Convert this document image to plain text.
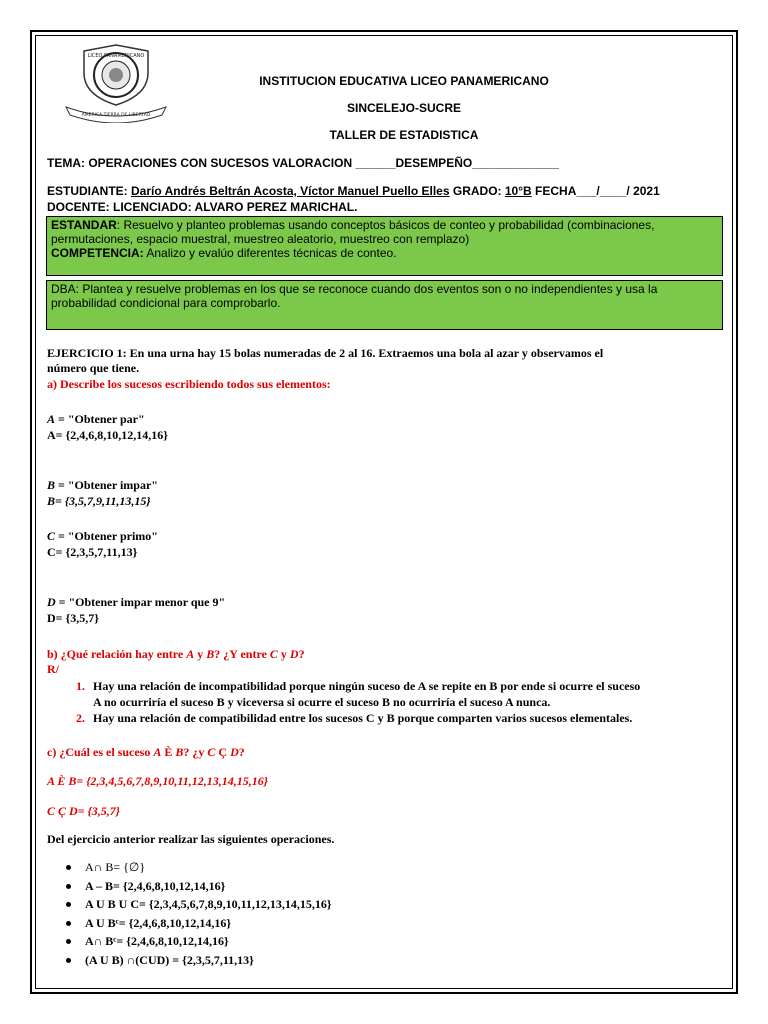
LICEO PANAMERICANO
AMERICA TIERRA DE LIBERTAD
INSTITUCION EDUCATIVA LICEO PANAMERICANO
SINCELEJO-SUCRE
TALLER DE ESTADISTICA
TEMA: OPERACIONES CON SUCESOS VALORACION ______DESEMPEÑO_____________
ESTUDIANTE: Darío Andrés Beltrán Acosta, Víctor Manuel Puello Elles GRADO: 10°B FECHA___/____/ 2021
DOCENTE: LICENCIADO: ALVARO PEREZ MARICHAL.
ESTANDAR: Resuelvo y planteo problemas usando conceptos básicos de conteo y probabilidad (combinaciones, permutaciones, espacio muestral, muestreo aleatorio, muestreo con remplazo)
COMPETENCIA: Analizo y evalúo diferentes técnicas de conteo.
DBA: Plantea y resuelve problemas en los que se reconoce cuando dos eventos son o no independientes y usa la probabilidad condicional para comprobarlo.
EJERCICIO 1: En una urna hay 15 bolas numeradas de 2 al 16. Extraemos una bola al azar y observamos el
número que tiene.
a) Describe los sucesos escribiendo todos sus elementos:
A = "Obtener par"
A= {2,4,6,8,10,12,14,16}
B = "Obtener impar"
B= {3,5,7,9,11,13,15}
C = "Obtener primo"
C= {2,3,5,7,11,13}
D = "Obtener impar menor que 9"
D= {3,5,7}
b) ¿Qué relación hay entre A y B? ¿Y entre C y D?
R/
1. Hay una relación de incompatibilidad porque ningún suceso de A se repite en B por ende si ocurre el suceso
A no ocurriría el suceso B y viceversa si ocurre el suceso B no ocurriría el suceso A nunca.
2. Hay una relación de compatibilidad entre los sucesos C y B porque comparten varios sucesos elementales.
c) ¿Cuál es el suceso A È B? ¿y C Ç D?
A È B= {2,3,4,5,6,7,8,9,10,11,12,13,14,15,16}
C Ç D= {3,5,7}
Del ejercicio anterior realizar las siguientes operaciones.
A∩ B= {∅}
A – B= {2,4,6,8,10,12,14,16}
A U B U C= {2,3,4,5,6,7,8,9,10,11,12,13,14,15,16}
A U Bᶜ= {2,4,6,8,10,12,14,16}
A∩ Bᶜ= {2,4,6,8,10,12,14,16}
(A U B) ∩(CUD) = {2,3,5,7,11,13}
